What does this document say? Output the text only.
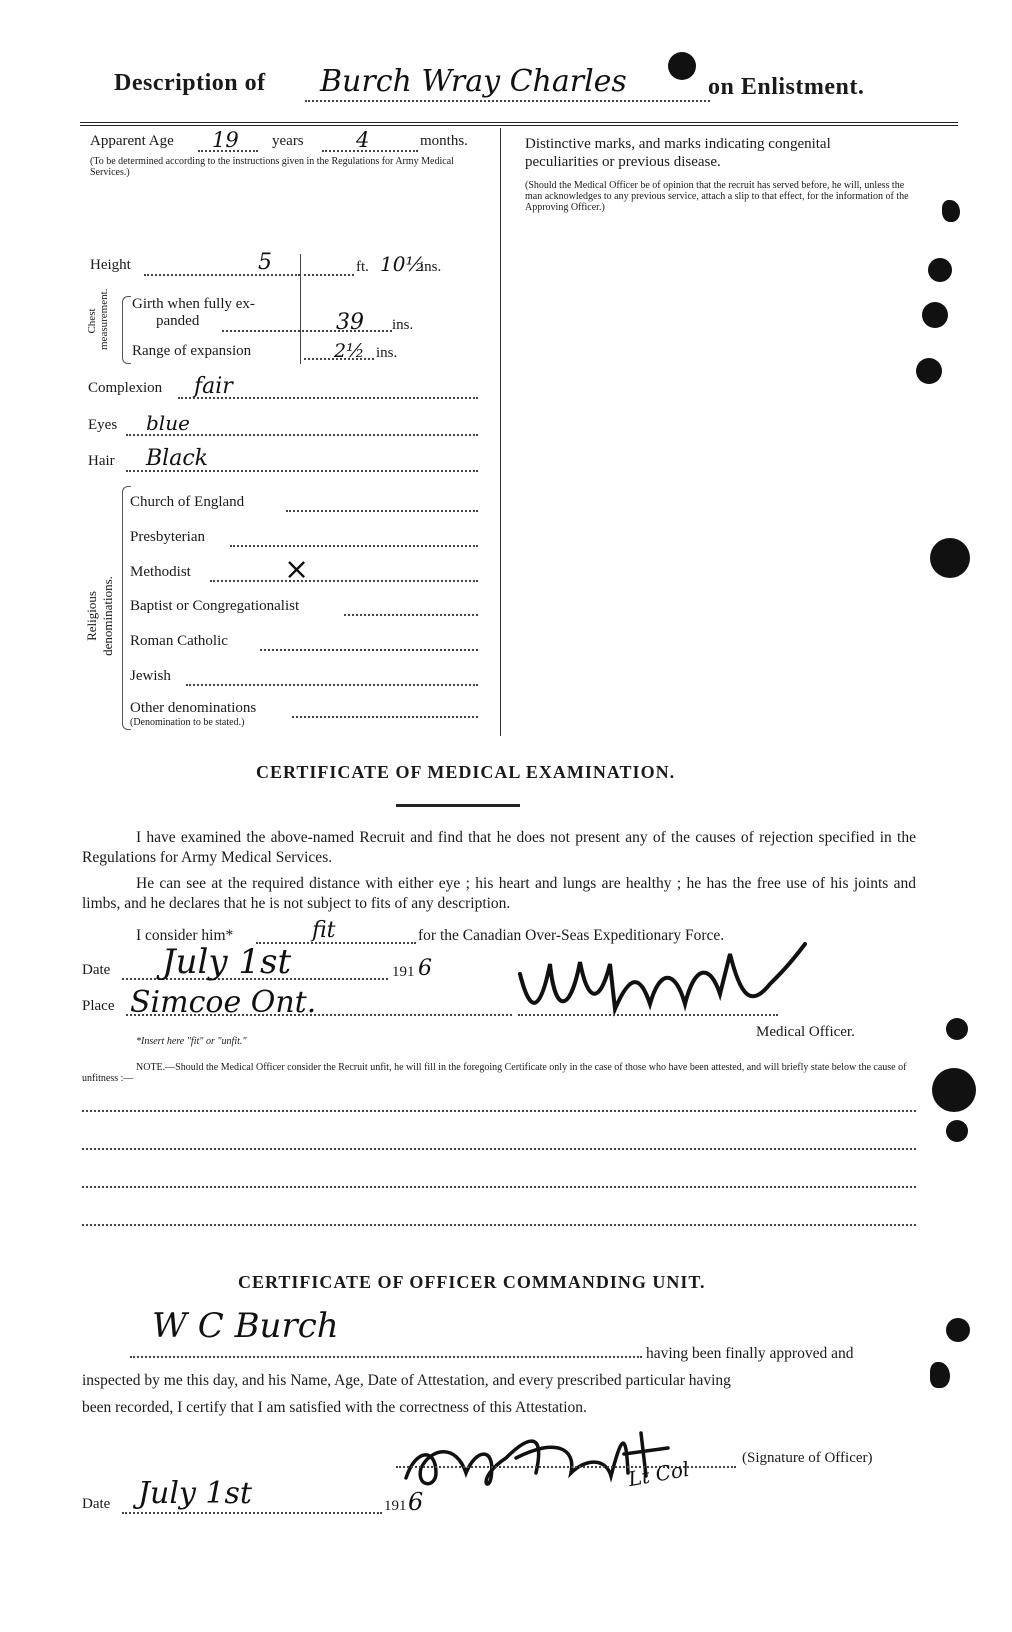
Description of Burch Wray Charles	on Enlistment.
Apparent Age 19 years 4	months.
(To be determined according to the instructions given in the Regulations for Army Medical Services.)
Height	5	ft. 10½
ins.
Chest measurement. Girth when fully ex-
panded	39 ins.
Range of expansion	2½ ins.
Complexion fair
Eyes blue
Hair Black
Religious denominations.
Church of England
Presbyterian
Methodist	×
Baptist or Congregationalist
Roman Catholic
Jewish
Other denominations
(Denomination to be stated.)
Distinctive marks, and marks indicating congenital
peculiarities or previous disease.
(Should the Medical Officer be of opinion that the recruit has served before, he will, unless the man acknowledges to any previous service, attach a slip to that effect, for the information of the Approving Officer.)
CERTIFICATE OF MEDICAL EXAMINATION.
I have examined the above-named Recruit and find that he does not present any of the causes of rejection specified in the Regulations for Army Medical Services.
He can see at the required distance with either eye ; his heart and lungs are healthy ; he has the free use of his joints and limbs, and he declares that he is not subject to fits of any description.
I consider him*	fit	for the Canadian Over-Seas Expeditionary Force.
Date July 1st	191 6
Place Simcoe Ont.
Medical Officer.
*Insert here "fit" or "unfit."
NOTE.—Should the Medical Officer consider the Recruit unfit, he will fill in the foregoing Certificate only in the case of those who have been attested, and will briefly state below the cause of unfitness :—
CERTIFICATE OF OFFICER COMMANDING UNIT.
W C Burch
having been finally approved and
inspected by me this day, and his Name, Age, Date of Attestation, and every prescribed particular having
been recorded, I certify that I am satisfied with the correctness of this Attestation.
(Signature of Officer)
Lt Col
Date July 1st	191 6
